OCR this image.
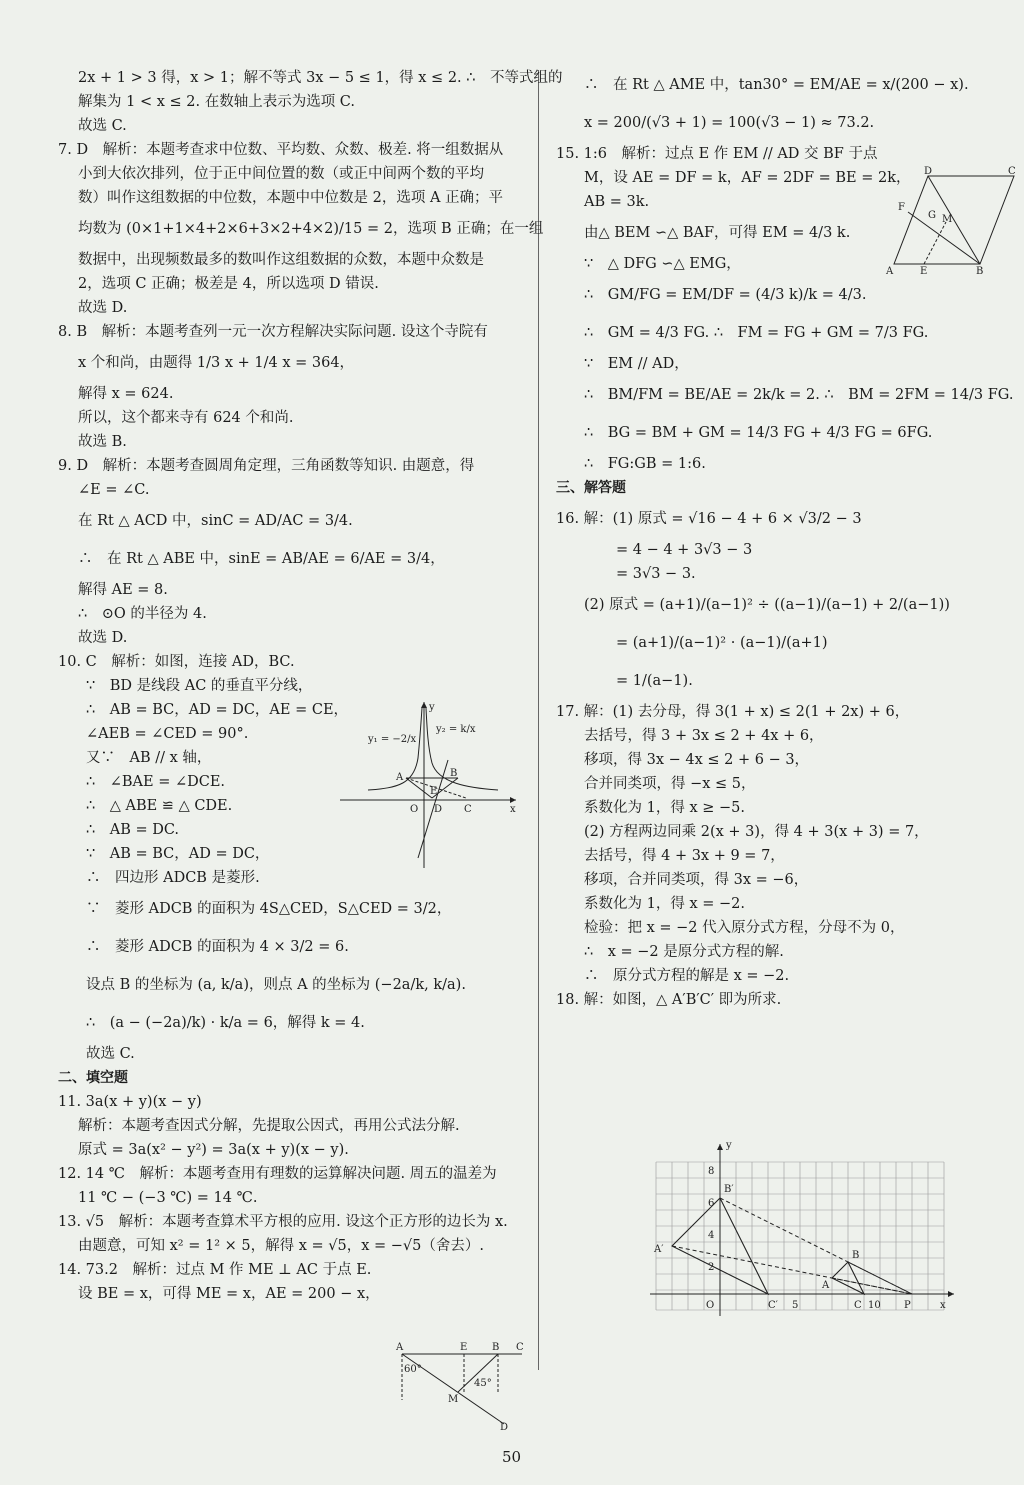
2x + 1 > 3 得，x > 1；解不等式 3x − 5 ≤ 1，得 x ≤ 2. ∴　不等式组的
解集为 1 < x ≤ 2. 在数轴上表示为选项 C.
故选 C.
7. D　解析：本题考查求中位数、平均数、众数、极差. 将一组数据从
小到大依次排列，位于正中间位置的数（或正中间两个数的平均
数）叫作这组数据的中位数，本题中中位数是 2，选项 A 正确；平
均数为 (0×1+1×4+2×6+3×2+4×2)/15 = 2，选项 B 正确；在一组
数据中，出现频数最多的数叫作这组数据的众数，本题中众数是
2，选项 C 正确；极差是 4，所以选项 D 错误.
故选 D.
8. B　解析：本题考查列一元一次方程解决实际问题. 设这个寺院有
x 个和尚，由题得 1/3 x + 1/4 x = 364，
解得 x = 624.
所以，这个都来寺有 624 个和尚.
故选 B.
9. D　解析：本题考查圆周角定理，三角函数等知识. 由题意，得
∠E = ∠C.
在 Rt △ ACD 中，sinC = AD/AC = 3/4.
∴　在 Rt △ ABE 中，sinE = AB/AE = 6/AE = 3/4，
解得 AE = 8.
∴　⊙O 的半径为 4.
故选 D.
10. C　解析：如图，连接 AD，BC.
∵　BD 是线段 AC 的垂直平分线，
∴　AB = BC，AD = DC，AE = CE，
∠AEB = ∠CED = 90°.
又∵　AB // x 轴，
∴　∠BAE = ∠DCE.
∴　△ ABE ≌ △ CDE.
∴　AB = DC.
∵　AB = BC，AD = DC，
∴　四边形 ADCB 是菱形.
∵　菱形 ADCB 的面积为 4S△CED，S△CED = 3/2，
∴　菱形 ADCB 的面积为 4 × 3/2 = 6.
设点 B 的坐标为 (a, k/a)，则点 A 的坐标为 (−2a/k, k/a).
∴　(a − (−2a)/k) · k/a = 6，解得 k = 4.
故选 C.
二、填空题
11. 3a(x + y)(x − y)
解析：本题考查因式分解，先提取公因式，再用公式法分解.
原式 = 3a(x² − y²) = 3a(x + y)(x − y).
12. 14 ℃　解析：本题考查用有理数的运算解决问题. 周五的温差为
11 ℃ − (−3 ℃) = 14 ℃.
13. √5　解析：本题考查算术平方根的应用. 设这个正方形的边长为 x.
由题意，可知 x² = 1² × 5，解得 x = √5，x = −√5（舍去）.
14. 73.2　解析：过点 M 作 ME ⊥ AC 于点 E.
设 BE = x，可得 ME = x，AE = 200 − x，
∴　在 Rt △ AME 中，tan30° = EM/AE = x/(200 − x).
x = 200/(√3 + 1) = 100(√3 − 1) ≈ 73.2.
15. 1:6　解析：过点 E 作 EM // AD 交 BF 于点
M，设 AE = DF = k，AF = 2DF = BE = 2k，
AB = 3k.
由△ BEM ∽△ BAF，可得 EM = 4/3 k.
∵　△ DFG ∽△ EMG，
∴　GM/FG = EM/DF = (4/3 k)/k = 4/3.
∴　GM = 4/3 FG. ∴　FM = FG + GM = 7/3 FG.
∵　EM // AD，
∴　BM/FM = BE/AE = 2k/k = 2. ∴　BM = 2FM = 14/3 FG.
∴　BG = BM + GM = 14/3 FG + 4/3 FG = 6FG.
∴　FG:GB = 1:6.
三、解答题
16. 解：(1) 原式 = √16 − 4 + 6 × √3/2 − 3
= 4 − 4 + 3√3 − 3
= 3√3 − 3.
(2) 原式 = (a+1)/(a−1)² ÷ ((a−1)/(a−1) + 2/(a−1))
= (a+1)/(a−1)² · (a−1)/(a+1)
= 1/(a−1).
17. 解：(1) 去分母，得 3(1 + x) ≤ 2(1 + 2x) + 6，
去括号，得 3 + 3x ≤ 2 + 4x + 6，
移项，得 3x − 4x ≤ 2 + 6 − 3，
合并同类项，得 −x ≤ 5，
系数化为 1，得 x ≥ −5.
(2) 方程两边同乘 2(x + 3)，得 4 + 3(x + 3) = 7，
去括号，得 4 + 3x + 9 = 7，
移项，合并同类项，得 3x = −6，
系数化为 1，得 x = −2.
检验：把 x = −2 代入原分式方程，分母不为 0，
∴　x = −2 是原分式方程的解.
∴　原分式方程的解是 x = −2.
18. 解：如图，△ A′B′C′ 即为所求.
y
x
O
A	B
C
D
E
y₁ = −2/x
y₂ = k/x
A	E B C
M
D
60°
45°
D	C
F
G M
A	E	B
y
x
O
8
6
4
2
5	10
A′
B′
C′
A
B
C	P
50
